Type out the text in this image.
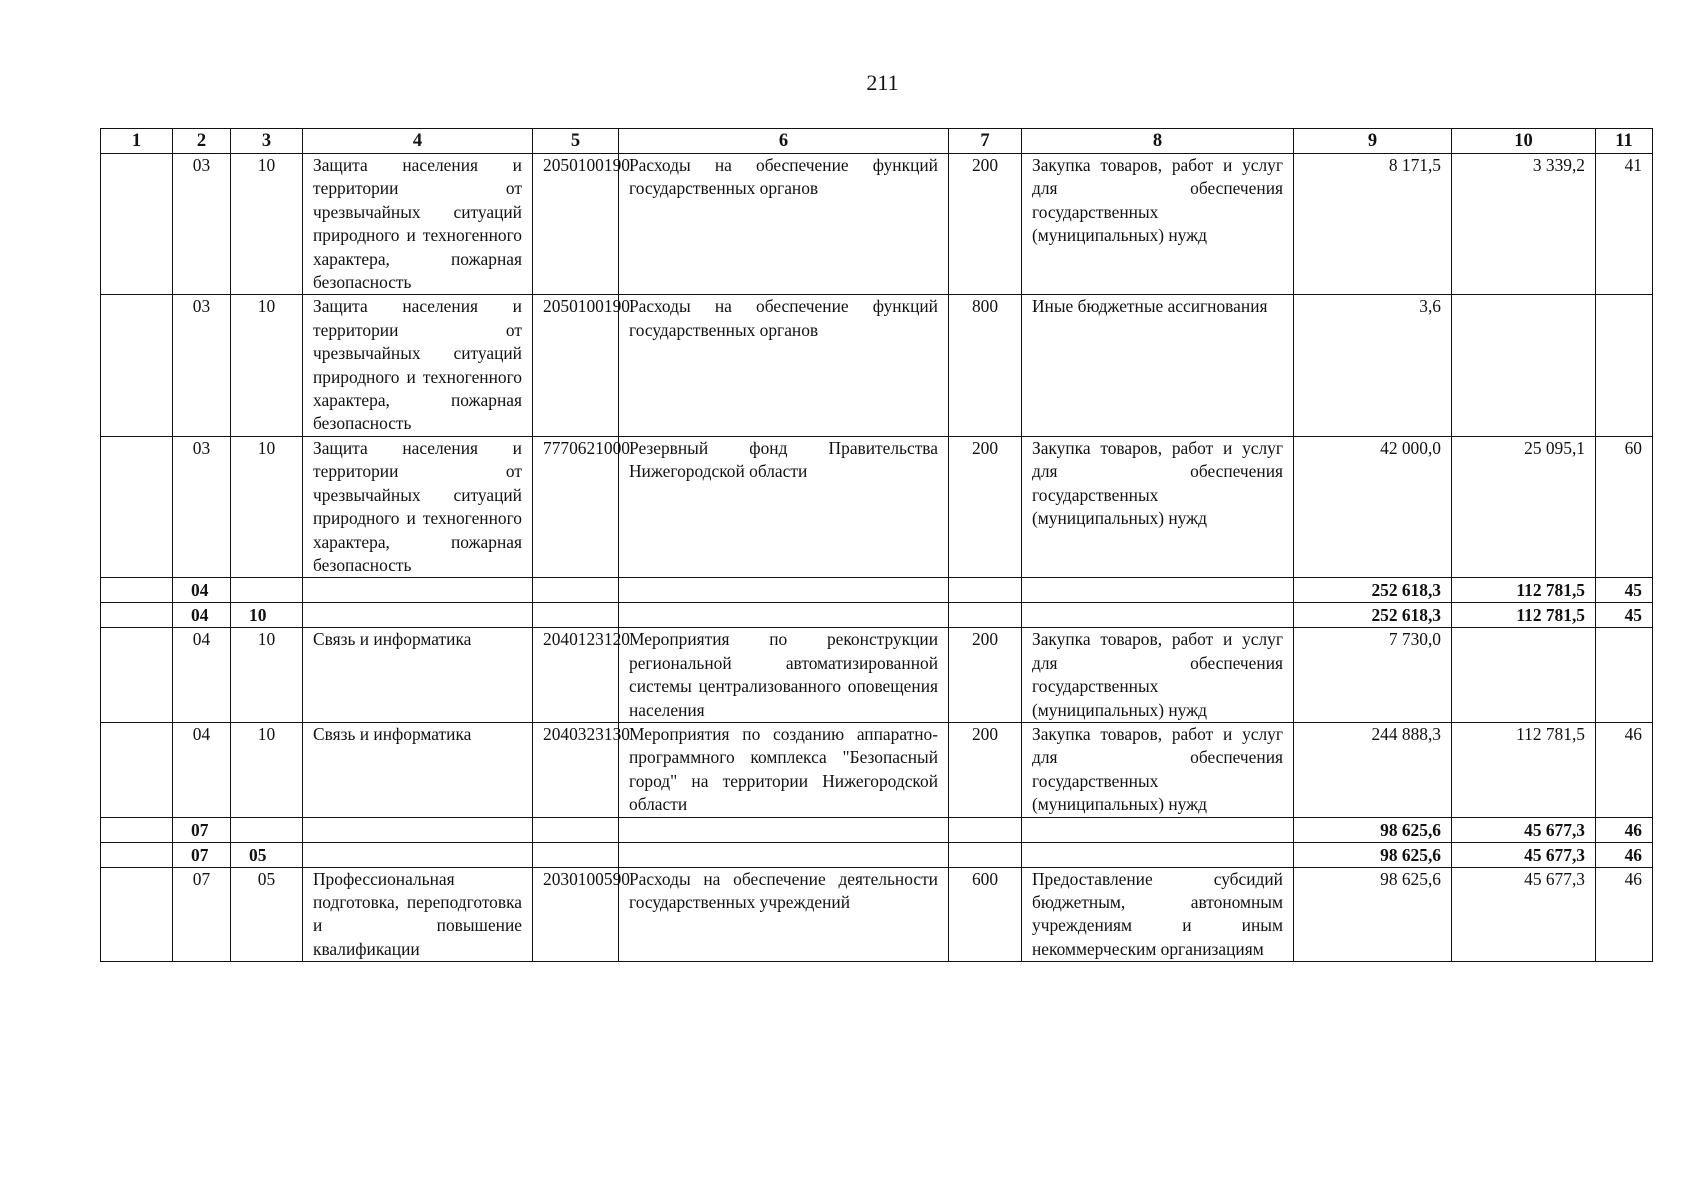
211
1	2	3	4	5	6	7	8	9	10	11
	03	10	Защита населения и территории от чрезвычайных ситуаций природного и техногенного характера, пожарная безопасность	2050100190	Расходы на обеспечение функций государственных органов	200	Закупка товаров, работ и услуг для обеспечения государственных (муниципальных) нужд	8 171,5	3 339,2	41
	03	10	Защита населения и территории от чрезвычайных ситуаций природного и техногенного характера, пожарная безопасность	2050100190	Расходы на обеспечение функций государственных органов	800	Иные бюджетные ассигнования	3,6		
	03	10	Защита населения и территории от чрезвычайных ситуаций природного и техногенного характера, пожарная безопасность	7770621000	Резервный фонд Правительства Нижегородской области	200	Закупка товаров, работ и услуг для обеспечения государственных (муниципальных) нужд	42 000,0	25 095,1	60
	04							252 618,3	112 781,5	45
	04	10						252 618,3	112 781,5	45
	04	10	Связь и информатика	2040123120	Мероприятия по реконструкции региональной автоматизированной системы централизованного оповещения населения	200	Закупка товаров, работ и услуг для обеспечения государственных (муниципальных) нужд	7 730,0		
	04	10	Связь и информатика	2040323130	Мероприятия по созданию аппаратно-программного комплекса "Безопасный город" на территории Нижегородской области	200	Закупка товаров, работ и услуг для обеспечения государственных (муниципальных) нужд	244 888,3	112 781,5	46
	07							98 625,6	45 677,3	46
	07	05						98 625,6	45 677,3	46
	07	05	Профессиональная подготовка, переподготовка и повышение квалификации	2030100590	Расходы на обеспечение деятельности государственных учреждений	600	Предоставление субсидий бюджетным, автономным учреждениям и иным некоммерческим организациям	98 625,6	45 677,3	46
